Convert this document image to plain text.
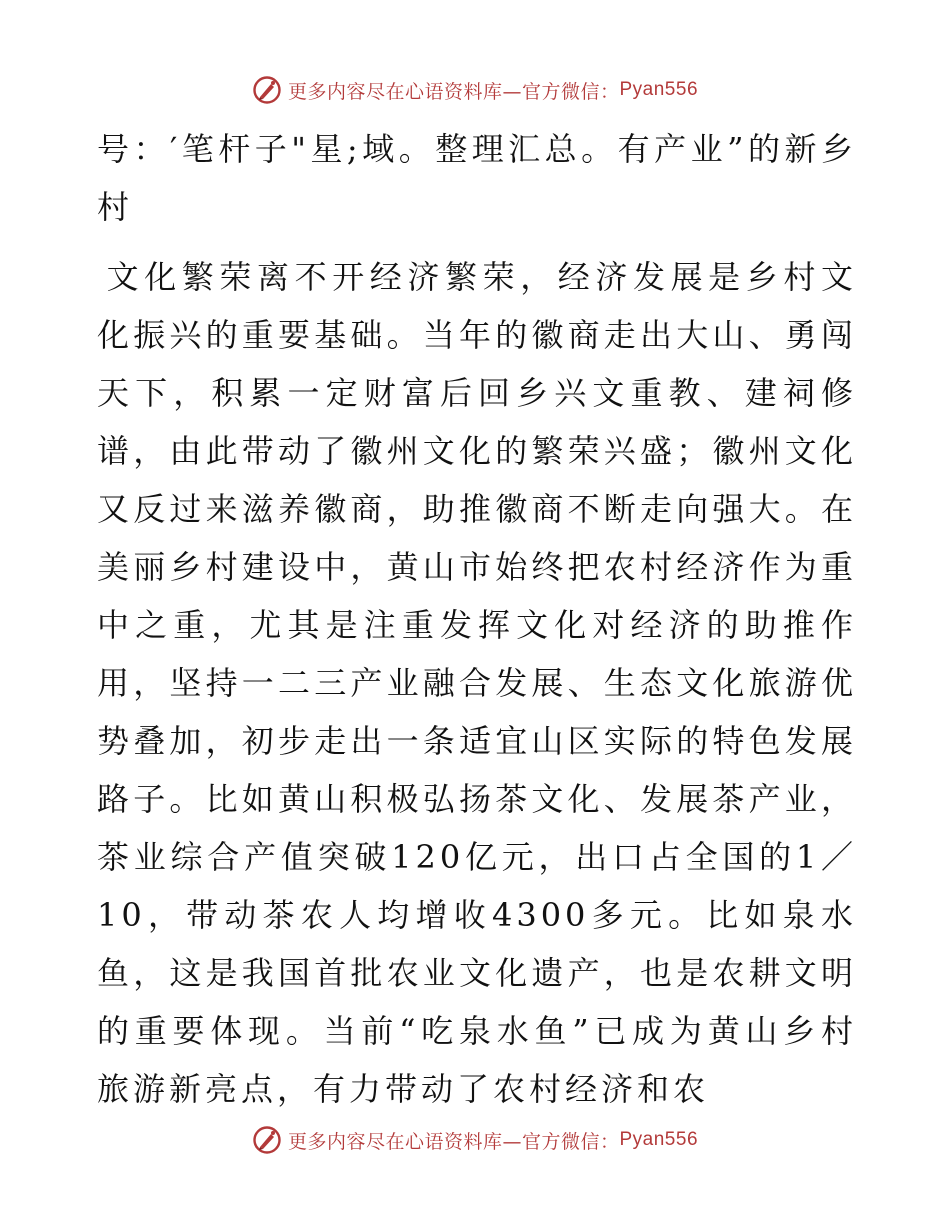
更多内容尽在心语资料库—官方微信： Pyan556

号：′笔杆子"星;域。整理汇总。有产业”的新乡村

文化繁荣离不开经济繁荣，经济发展是乡村文化振兴的重要基础。当年的徽商走出大山、勇闯天下，积累一定财富后回乡兴文重教、建祠修谱，由此带动了徽州文化的繁荣兴盛；徽州文化又反过来滋养徽商，助推徽商不断走向强大。在美丽乡村建设中，黄山市始终把农村经济作为重中之重，尤其是注重发挥文化对经济的助推作用，坚持一二三产业融合发展、生态文化旅游优势叠加，初步走出一条适宜山区实际的特色发展路子。比如黄山积极弘扬茶文化、发展茶产业，茶业综合产值突破120亿元，出口占全国的1／10，带动茶农人均增收4300多元。比如泉水鱼，这是我国首批农业文化遗产，也是农耕文明的重要体现。当前“吃泉水鱼”已成为黄山乡村旅游新亮点，有力带动了农村经济和农

更多内容尽在心语资料库—官方微信： Pyan556
